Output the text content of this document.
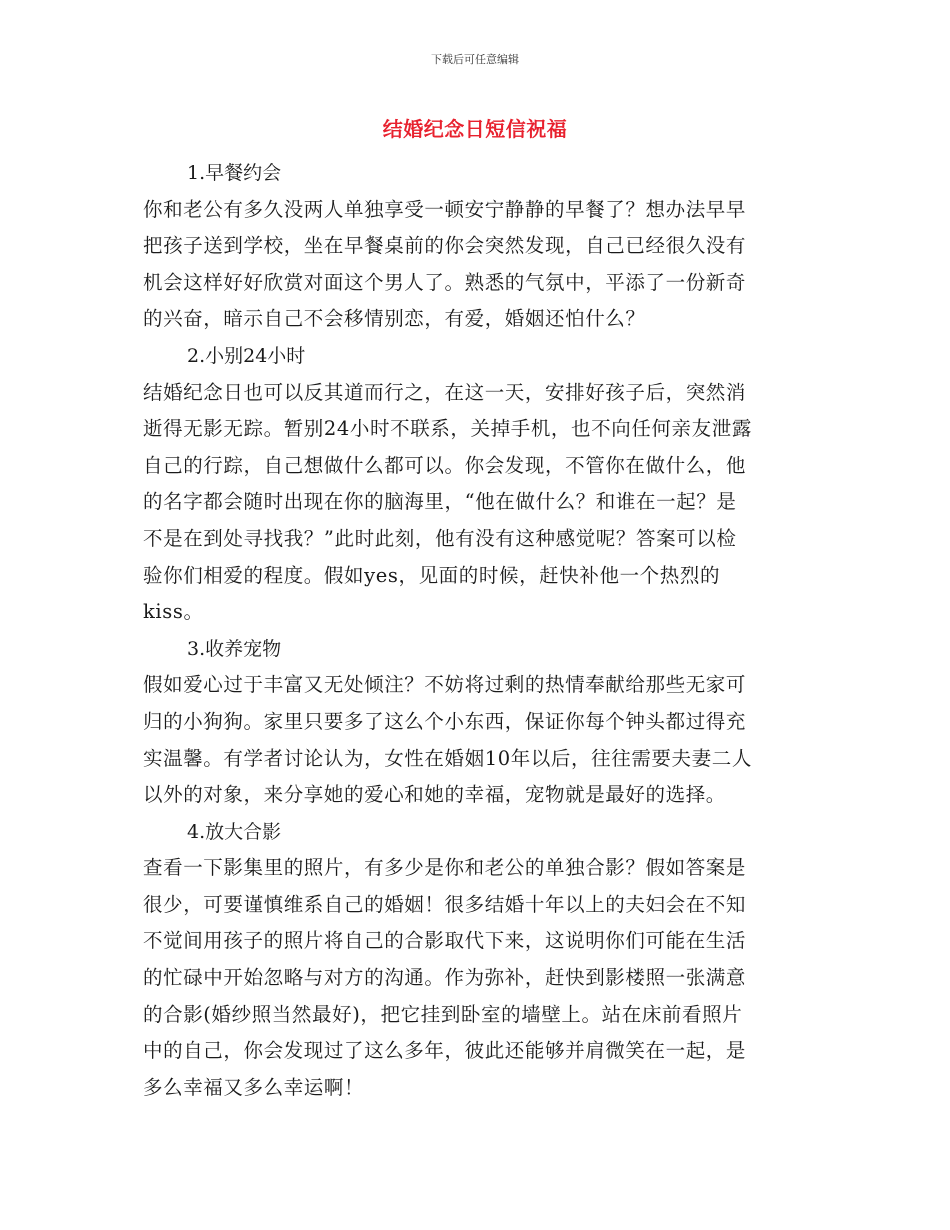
下载后可任意编辑
结婚纪念日短信祝福

1.早餐约会

你和老公有多久没两人单独享受一顿安宁静静的早餐了？想办法早早

把孩子送到学校，坐在早餐桌前的你会突然发现，自己已经很久没有

机会这样好好欣赏对面这个男人了。熟悉的气氛中，平添了一份新奇

的兴奋，暗示自己不会移情别恋，有爱，婚姻还怕什么？

2.小别24小时

结婚纪念日也可以反其道而行之，在这一天，安排好孩子后，突然消

逝得无影无踪。暂别24小时不联系，关掉手机，也不向任何亲友泄露

自己的行踪，自己想做什么都可以。你会发现，不管你在做什么，他

的名字都会随时出现在你的脑海里，“他在做什么？和谁在一起？是

不是在到处寻找我？”此时此刻，他有没有这种感觉呢？答案可以检

验你们相爱的程度。假如yes，见面的时候，赶快补他一个热烈的

kiss。

3.收养宠物

假如爱心过于丰富又无处倾注？不妨将过剩的热情奉献给那些无家可

归的小狗狗。家里只要多了这么个小东西，保证你每个钟头都过得充

实温馨。有学者讨论认为，女性在婚姻10年以后，往往需要夫妻二人

以外的对象，来分享她的爱心和她的幸福，宠物就是最好的选择。

4.放大合影

查看一下影集里的照片，有多少是你和老公的单独合影？假如答案是

很少，可要谨慎维系自己的婚姻！很多结婚十年以上的夫妇会在不知

不觉间用孩子的照片将自己的合影取代下来，这说明你们可能在生活

的忙碌中开始忽略与对方的沟通。作为弥补，赶快到影楼照一张满意

的合影(婚纱照当然最好)，把它挂到卧室的墙壁上。站在床前看照片

中的自己，你会发现过了这么多年，彼此还能够并肩微笑在一起，是

多么幸福又多么幸运啊！
